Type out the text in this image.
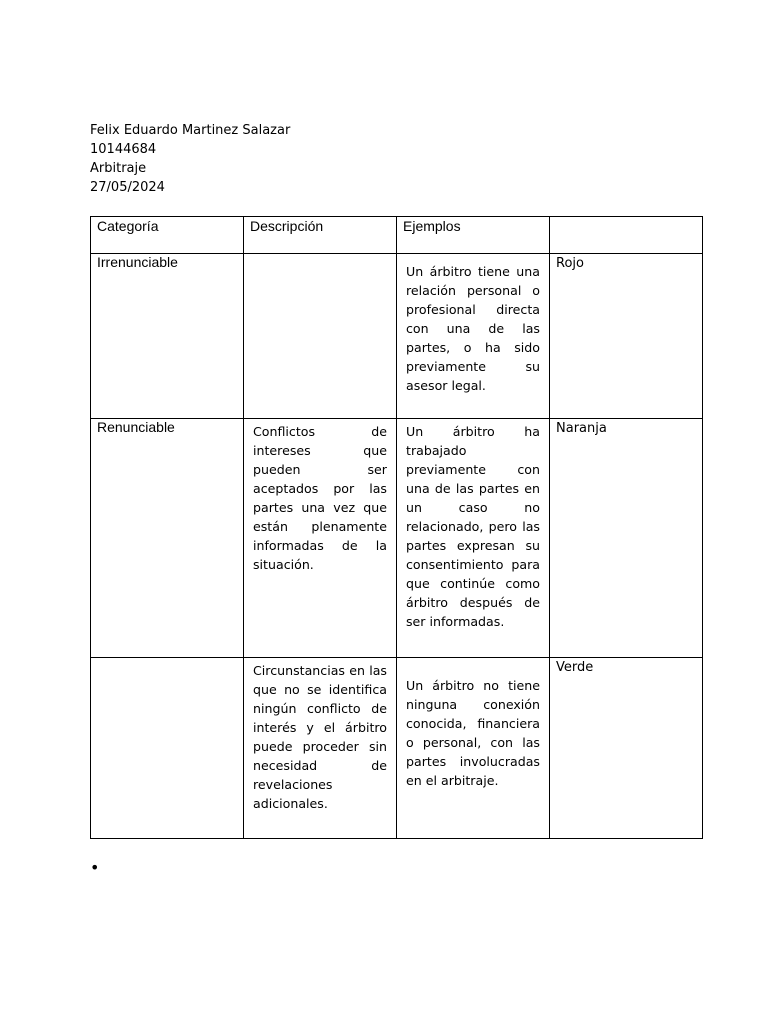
Felix Eduardo Martinez Salazar
10144684
Arbitraje
27/05/2024
Categoría	Descripción	Ejemplos	

Irrenunciable		Un árbitro tiene una relación personal o profesional directa con una de las partes, o ha sido previamente su asesor legal.	Rojo

Renunciable	Conflictos de intereses que pueden ser aceptados por las partes una vez que están plenamente informadas de la situación.	Un árbitro ha trabajado previamente con una de las partes en un caso no relacionado, pero las partes expresan su consentimiento para que continúe como árbitro después de ser informadas.	Naranja

	Circunstancias en las que no se identifica ningún conflicto de interés y el árbitro puede proceder sin necesidad de revelaciones adicionales.	Un árbitro no tiene ninguna conexión conocida, financiera o personal, con las partes involucradas en el arbitraje.	Verde
•
